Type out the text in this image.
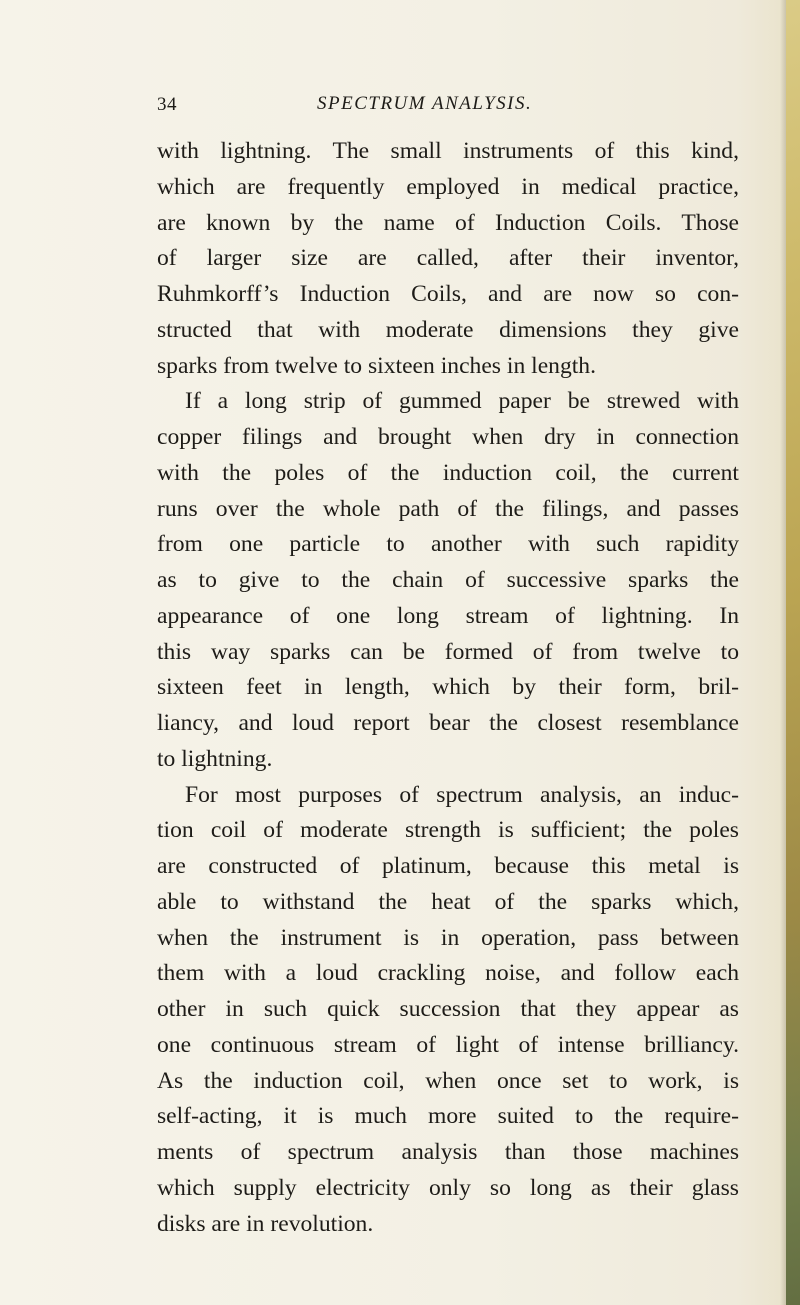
34	SPECTRUM ANALYSIS.
with lightning. The small instruments of this kind,
which are frequently employed in medical practice,
are known by the name of Induction Coils. Those
of larger size are called, after their inventor,
Ruhmkorff’s Induction Coils, and are now so con-
structed that with moderate dimensions they give
sparks from twelve to sixteen inches in length.
If a long strip of gummed paper be strewed with
copper filings and brought when dry in connection
with the poles of the induction coil, the current
runs over the whole path of the filings, and passes
from one particle to another with such rapidity
as to give to the chain of successive sparks the
appearance of one long stream of lightning. In
this way sparks can be formed of from twelve to
sixteen feet in length, which by their form, bril-
liancy, and loud report bear the closest resemblance
to lightning.
For most purposes of spectrum analysis, an induc-
tion coil of moderate strength is sufficient; the poles
are constructed of platinum, because this metal is
able to withstand the heat of the sparks which,
when the instrument is in operation, pass between
them with a loud crackling noise, and follow each
other in such quick succession that they appear as
one continuous stream of light of intense brilliancy.
As the induction coil, when once set to work, is
self-acting, it is much more suited to the require-
ments of spectrum analysis than those machines
which supply electricity only so long as their glass
disks are in revolution.
